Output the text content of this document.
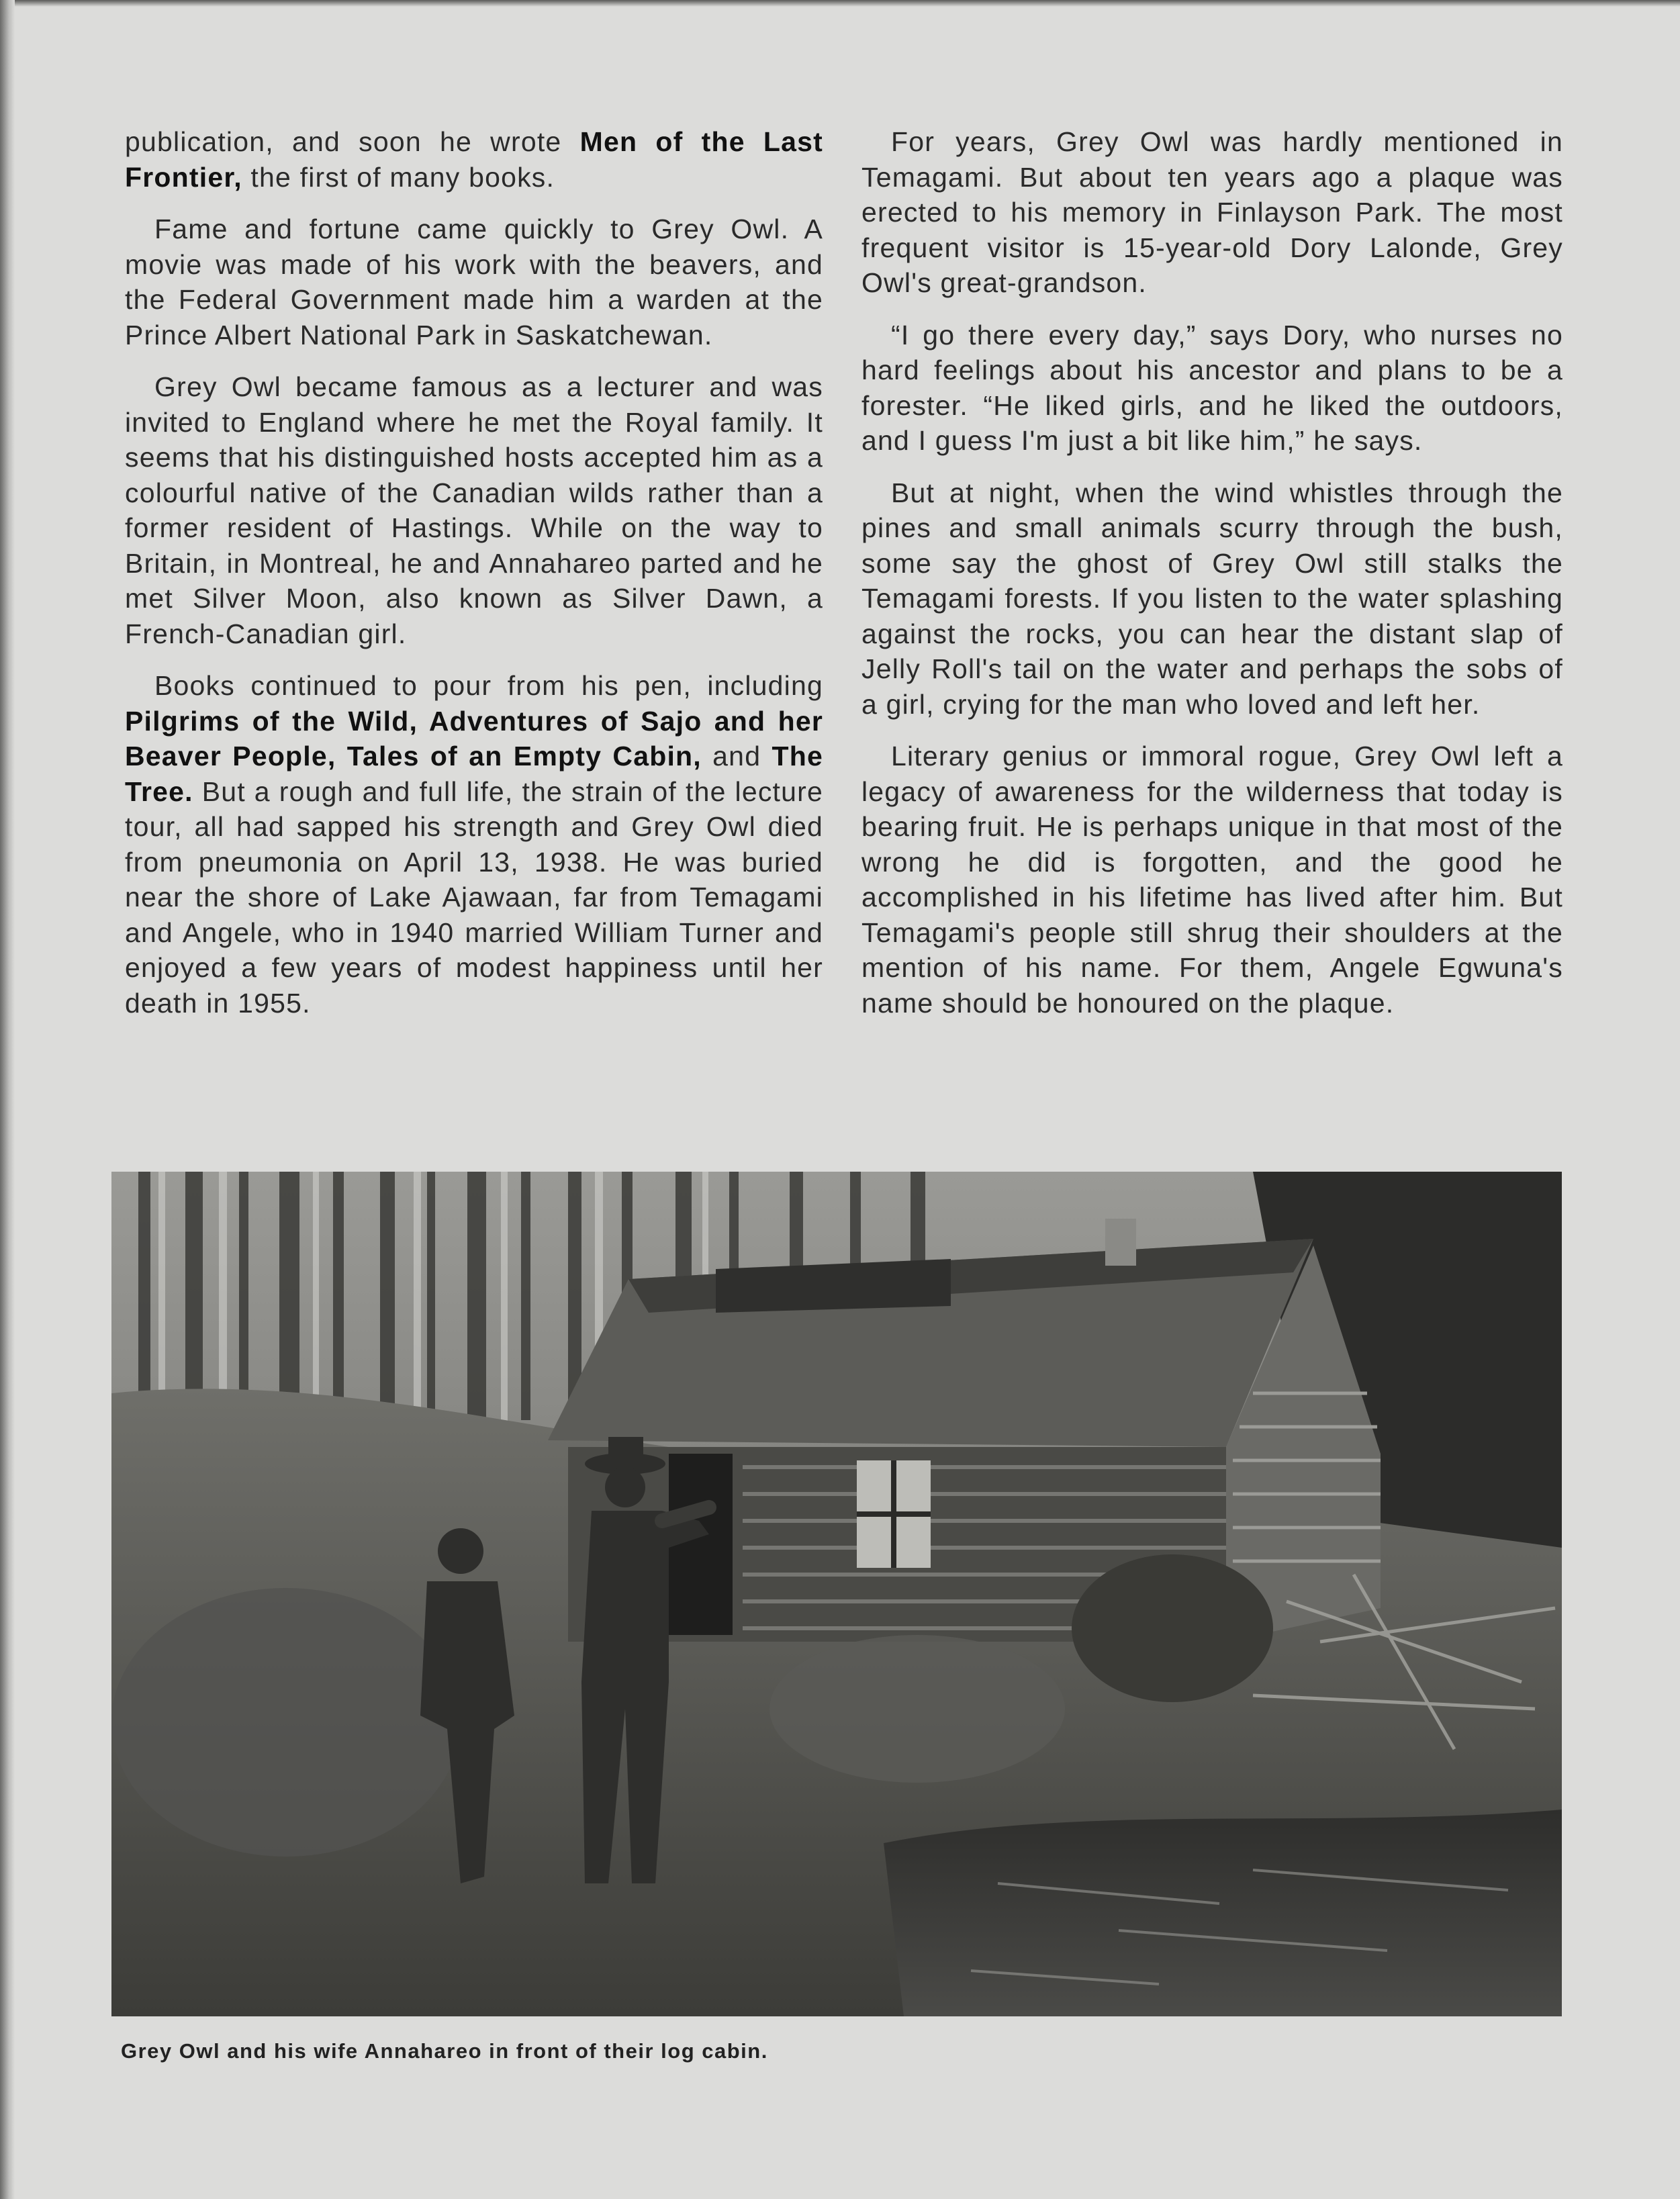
publication, and soon he wrote Men of the Last Frontier, the first of many books.

Fame and fortune came quickly to Grey Owl. A movie was made of his work with the beavers, and the Federal Government made him a warden at the Prince Albert National Park in Saskatchewan.

Grey Owl became famous as a lecturer and was invited to England where he met the Royal family. It seems that his distinguished hosts accepted him as a colourful native of the Canadian wilds rather than a former resident of Hastings. While on the way to Britain, in Montreal, he and Annahareo parted and he met Silver Moon, also known as Silver Dawn, a French-Canadian girl.

Books continued to pour from his pen, including Pilgrims of the Wild, Adventures of Sajo and her Beaver People, Tales of an Empty Cabin, and The Tree. But a rough and full life, the strain of the lecture tour, all had sapped his strength and Grey Owl died from pneumonia on April 13, 1938. He was buried near the shore of Lake Ajawaan, far from Temagami and Angele, who in 1940 married William Turner and enjoyed a few years of modest happiness until her death in 1955.

For years, Grey Owl was hardly mentioned in Temagami. But about ten years ago a plaque was erected to his memory in Finlayson Park. The most frequent visitor is 15-year-old Dory Lalonde, Grey Owl's great-grandson.

“I go there every day,” says Dory, who nurses no hard feelings about his ancestor and plans to be a forester. “He liked girls, and he liked the outdoors, and I guess I'm just a bit like him,” he says.

But at night, when the wind whistles through the pines and small animals scurry through the bush, some say the ghost of Grey Owl still stalks the Temagami forests. If you listen to the water splashing against the rocks, you can hear the distant slap of Jelly Roll's tail on the water and perhaps the sobs of a girl, crying for the man who loved and left her.

Literary genius or immoral rogue, Grey Owl left a legacy of awareness for the wilderness that today is bearing fruit. He is perhaps unique in that most of the wrong he did is forgotten, and the good he accomplished in his lifetime has lived after him. But Temagami's people still shrug their shoulders at the mention of his name. For them, Angele Egwuna's name should be honoured on the plaque.

Grey Owl and his wife Annahareo in front of their log cabin.
